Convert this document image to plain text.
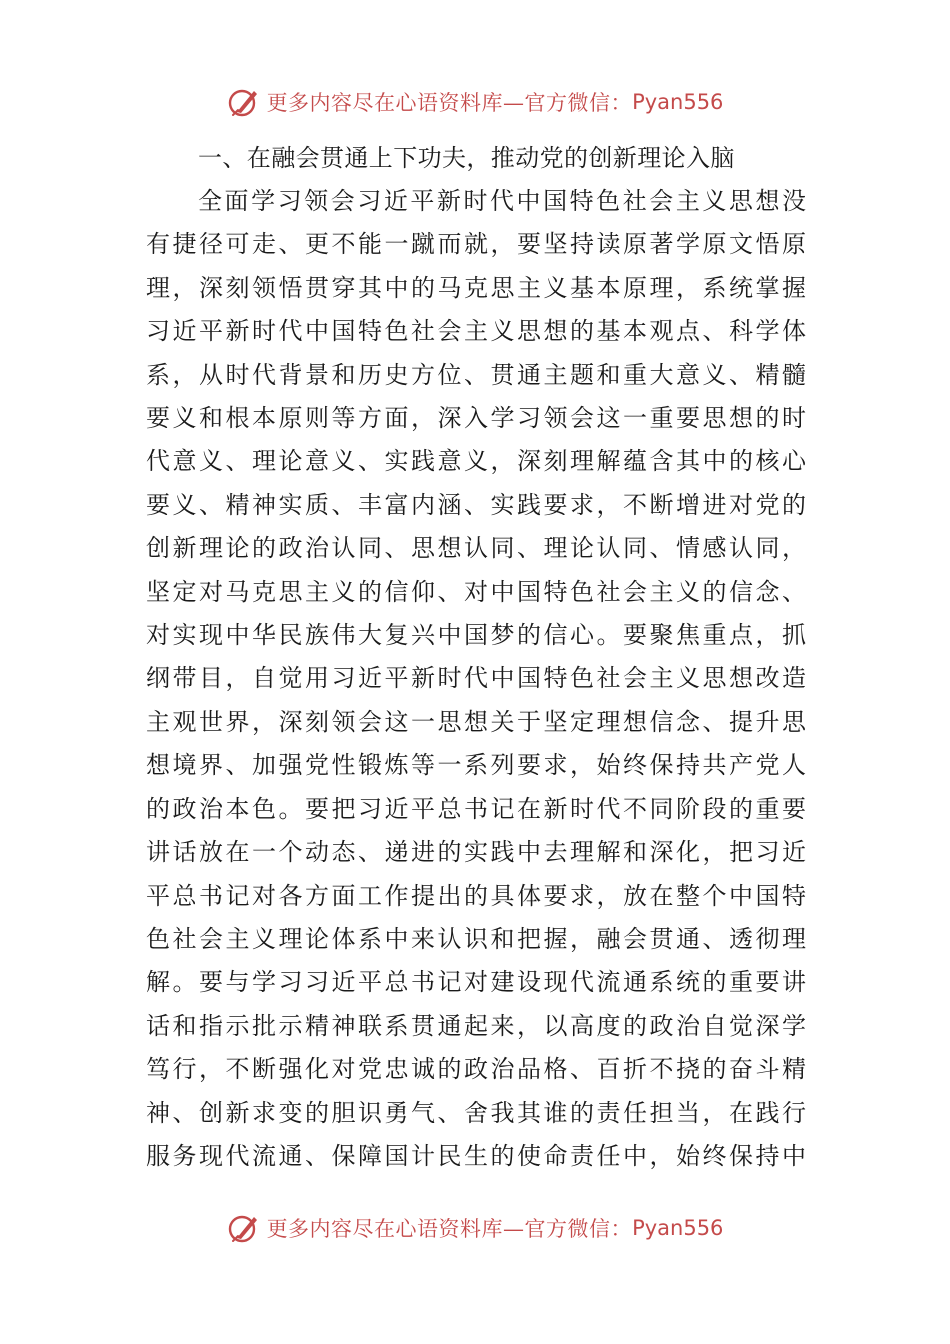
更多内容尽在心语资料库—官方微信： Pyan556
一、在融会贯通上下功夫，推动党的创新理论入脑
全面学习领会习近平新时代中国特色社会主义思想没
有捷径可走、更不能一蹴而就，要坚持读原著学原文悟原
理，深刻领悟贯穿其中的马克思主义基本原理，系统掌握
习近平新时代中国特色社会主义思想的基本观点、科学体
系，从时代背景和历史方位、贯通主题和重大意义、精髓
要义和根本原则等方面，深入学习领会这一重要思想的时
代意义、理论意义、实践意义，深刻理解蕴含其中的核心
要义、精神实质、丰富内涵、实践要求，不断增进对党的
创新理论的政治认同、思想认同、理论认同、情感认同，
坚定对马克思主义的信仰、对中国特色社会主义的信念、
对实现中华民族伟大复兴中国梦的信心。要聚焦重点，抓
纲带目，自觉用习近平新时代中国特色社会主义思想改造
主观世界，深刻领会这一思想关于坚定理想信念、提升思
想境界、加强党性锻炼等一系列要求，始终保持共产党人
的政治本色。要把习近平总书记在新时代不同阶段的重要
讲话放在一个动态、递进的实践中去理解和深化，把习近
平总书记对各方面工作提出的具体要求，放在整个中国特
色社会主义理论体系中来认识和把握，融会贯通、透彻理
解。要与学习习近平总书记对建设现代流通系统的重要讲
话和指示批示精神联系贯通起来，以高度的政治自觉深学
笃行，不断强化对党忠诚的政治品格、百折不挠的奋斗精
神、创新求变的胆识勇气、舍我其谁的责任担当，在践行
服务现代流通、保障国计民生的使命责任中，始终保持中
更多内容尽在心语资料库—官方微信： Pyan556
